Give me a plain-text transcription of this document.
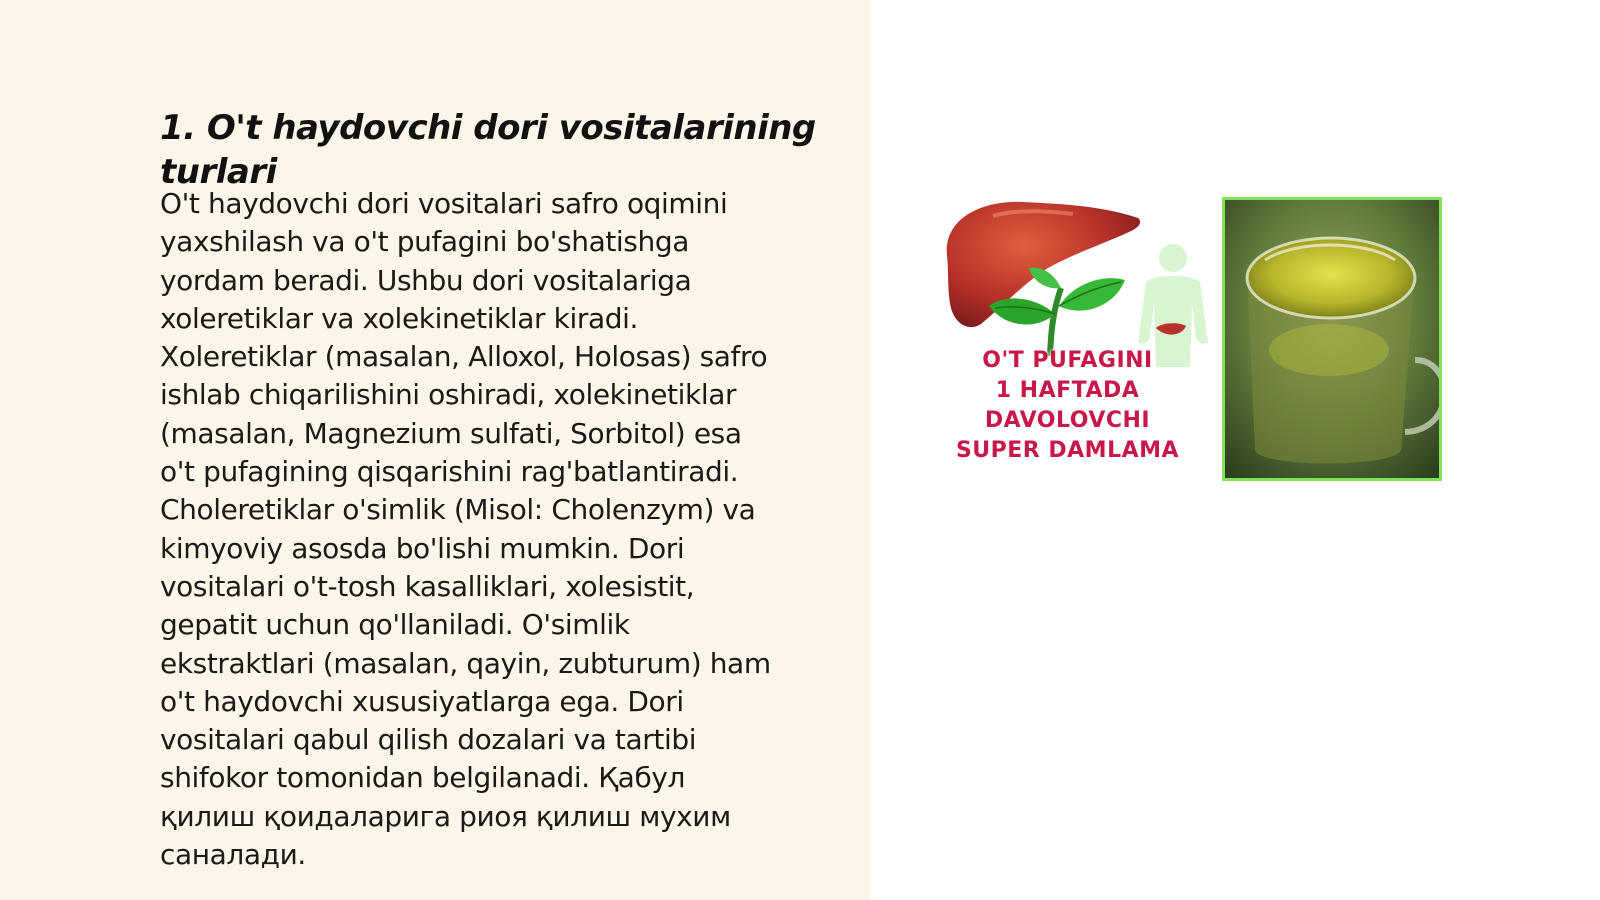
1. O't haydovchi dori vositalarining turlari

O't haydovchi dori vositalari safro oqimini
yaxshilash va o't pufagini bo'shatishga
yordam beradi. Ushbu dori vositalariga
xoleretiklar va xolekinetiklar kiradi.
Xoleretiklar (masalan, Alloxol, Holosas) safro
ishlab chiqarilishini oshiradi, xolekinetiklar
(masalan, Magnezium sulfati, Sorbitol) esa
o't pufagining qisqarishini rag'batlantiradi.
Choleretiklar o'simlik (Misol: Cholenzym) va
kimyoviy asosda bo'lishi mumkin. Dori
vositalari o't-tosh kasalliklari, xolesistit,
gepatit uchun qo'llaniladi. O'simlik
ekstraktlari (masalan, qayin, zubturum) ham
o't haydovchi xususiyatlarga ega. Dori
vositalari qabul qilish dozalari va tartibi
shifokor tomonidan belgilanadi. Қабул
қилиш қоидаларига риоя қилиш мухим
саналади.

O'T PUFAGINI
1 HAFTADA
DAVOLOVCHI
SUPER DAMLAMA
